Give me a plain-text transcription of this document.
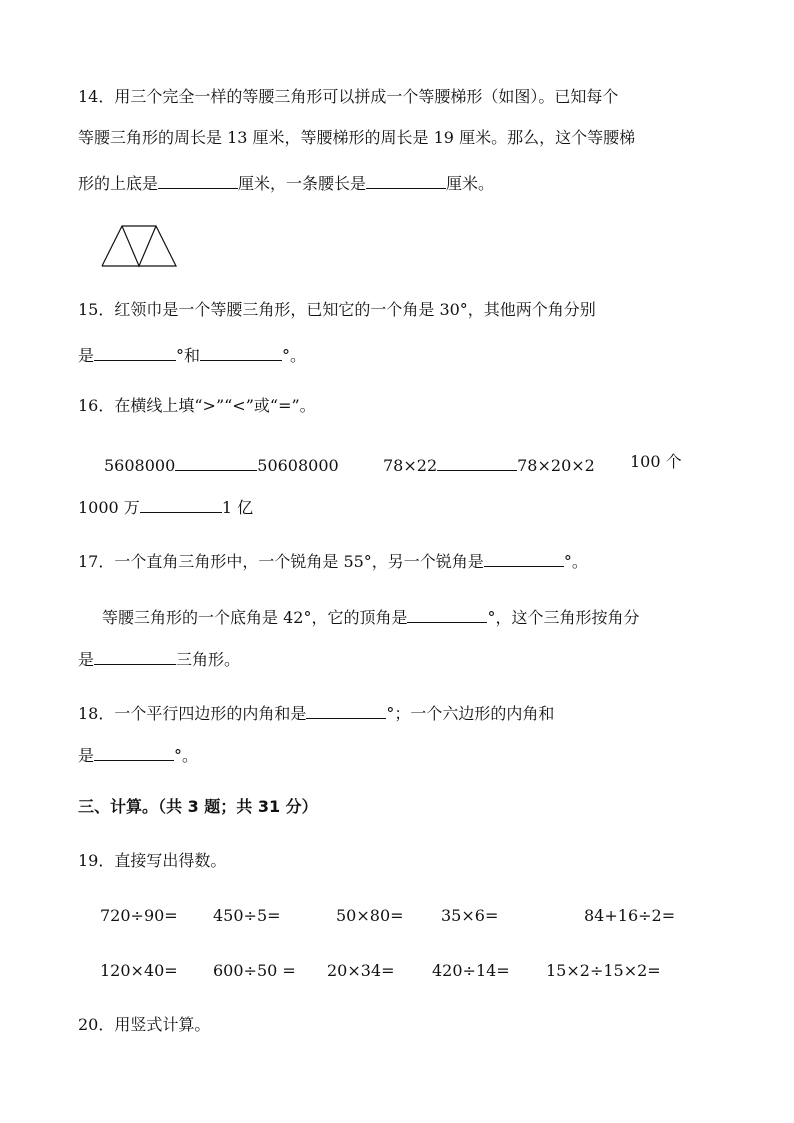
14．用三个完全一样的等腰三角形可以拼成一个等腰梯形（如图）。已知每个
等腰三角形的周长是 13 厘米，等腰梯形的周长是 19 厘米。那么，这个等腰梯
形的上底是	厘米，一条腰长是	厘米。
15．红领巾是一个等腰三角形，已知它的一个角是 30°，其他两个角分别
是	°和	°。
16．在横线上填“>”“<”或“=”。
5608000	50608000	78×22	78×20×2 100 个
1000 万	1 亿
17．一个直角三角形中，一个锐角是 55°，另一个锐角是	°。
等腰三角形的一个底角是 42°，它的顶角是	°，这个三角形按角分
是	三角形。
18．一个平行四边形的内角和是	°；一个六边形的内角和
是	°。
三、计算。（共 3 题；共 31 分）
19．直接写出得数。
720÷90= 450÷5=	50×80= 35×6=	84+16÷2=
120×40= 600÷50 = 20×34= 420÷14= 15×2÷15×2=
20．用竖式计算。
